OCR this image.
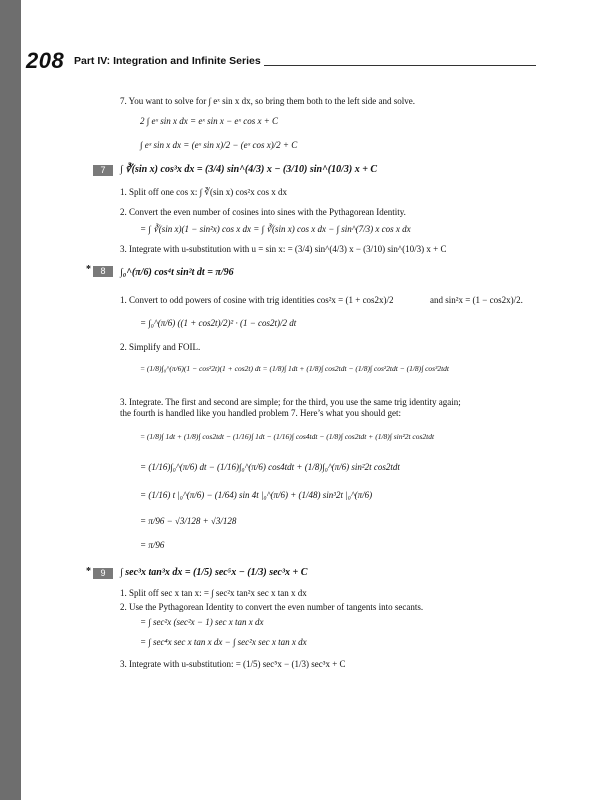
208 Part IV: Integration and Infinite Series
7. You want to solve for ∫ eˣ sin x dx, so bring them both to the left side and solve.
2 ∫ eˣ sin x dx = eˣ sin x − eˣ cos x + C
∫ eˣ sin x dx = (eˣ sin x)/2 − (eˣ cos x)/2 + C
7	∫ ∛(sin x) cos³x dx = (3/4) sin^(4/3) x − (3/10) sin^(10/3) x + C
1. Split off one cos x: ∫ ∛(sin x) cos²x cos x dx
2. Convert the even number of cosines into sines with the Pythagorean Identity.
= ∫ ∛(sin x)(1 − sin²x) cos x dx = ∫ ∛(sin x) cos x dx − ∫ sin^(7/3) x cos x dx
3. Integrate with u-substitution with u = sin x: = (3/4) sin^(4/3) x − (3/10) sin^(10/3) x + C
*	8	∫₀^(π/6) cos⁴t sin²t dt = π/96
1. Convert to odd powers of cosine with trig identities cos²x = (1 + cos2x)/2	and sin²x = (1 − cos2x)/2.
= ∫₀^(π/6) ((1 + cos2t)/2)² · (1 − cos2t)/2 dt
2. Simplify and FOIL.
= (1/8)∫₀^(π/6)(1 − cos²2t)(1 + cos2t) dt = (1/8)∫ 1dt + (1/8)∫ cos2tdt − (1/8)∫ cos²2tdt − (1/8)∫ cos³2tdt
3. Integrate. The first and second are simple; for the third, you use the same trig identity again;
the fourth is handled like you handled problem 7. Here’s what you should get:
= (1/8)∫ 1dt + (1/8)∫ cos2tdt − (1/16)∫ 1dt − (1/16)∫ cos4tdt − (1/8)∫ cos2tdt + (1/8)∫ sin²2t cos2tdt
= (1/16)∫₀^(π/6) dt − (1/16)∫₀^(π/6) cos4tdt + (1/8)∫₀^(π/6) sin²2t cos2tdt
= (1/16) t |₀^(π/6) − (1/64) sin 4t |₀^(π/6) + (1/48) sin³2t |₀^(π/6)
= π/96 − √3/128 + √3/128
= π/96
*	9	∫ sec³x tan³x dx = (1/5) sec⁵x − (1/3) sec³x + C
1. Split off sec x tan x: = ∫ sec²x tan²x sec x tan x dx
2. Use the Pythagorean Identity to convert the even number of tangents into secants.
= ∫ sec²x (sec²x − 1) sec x tan x dx
= ∫ sec⁴x sec x tan x dx − ∫ sec²x sec x tan x dx
3. Integrate with u-substitution: = (1/5) sec⁵x − (1/3) sec³x + C
